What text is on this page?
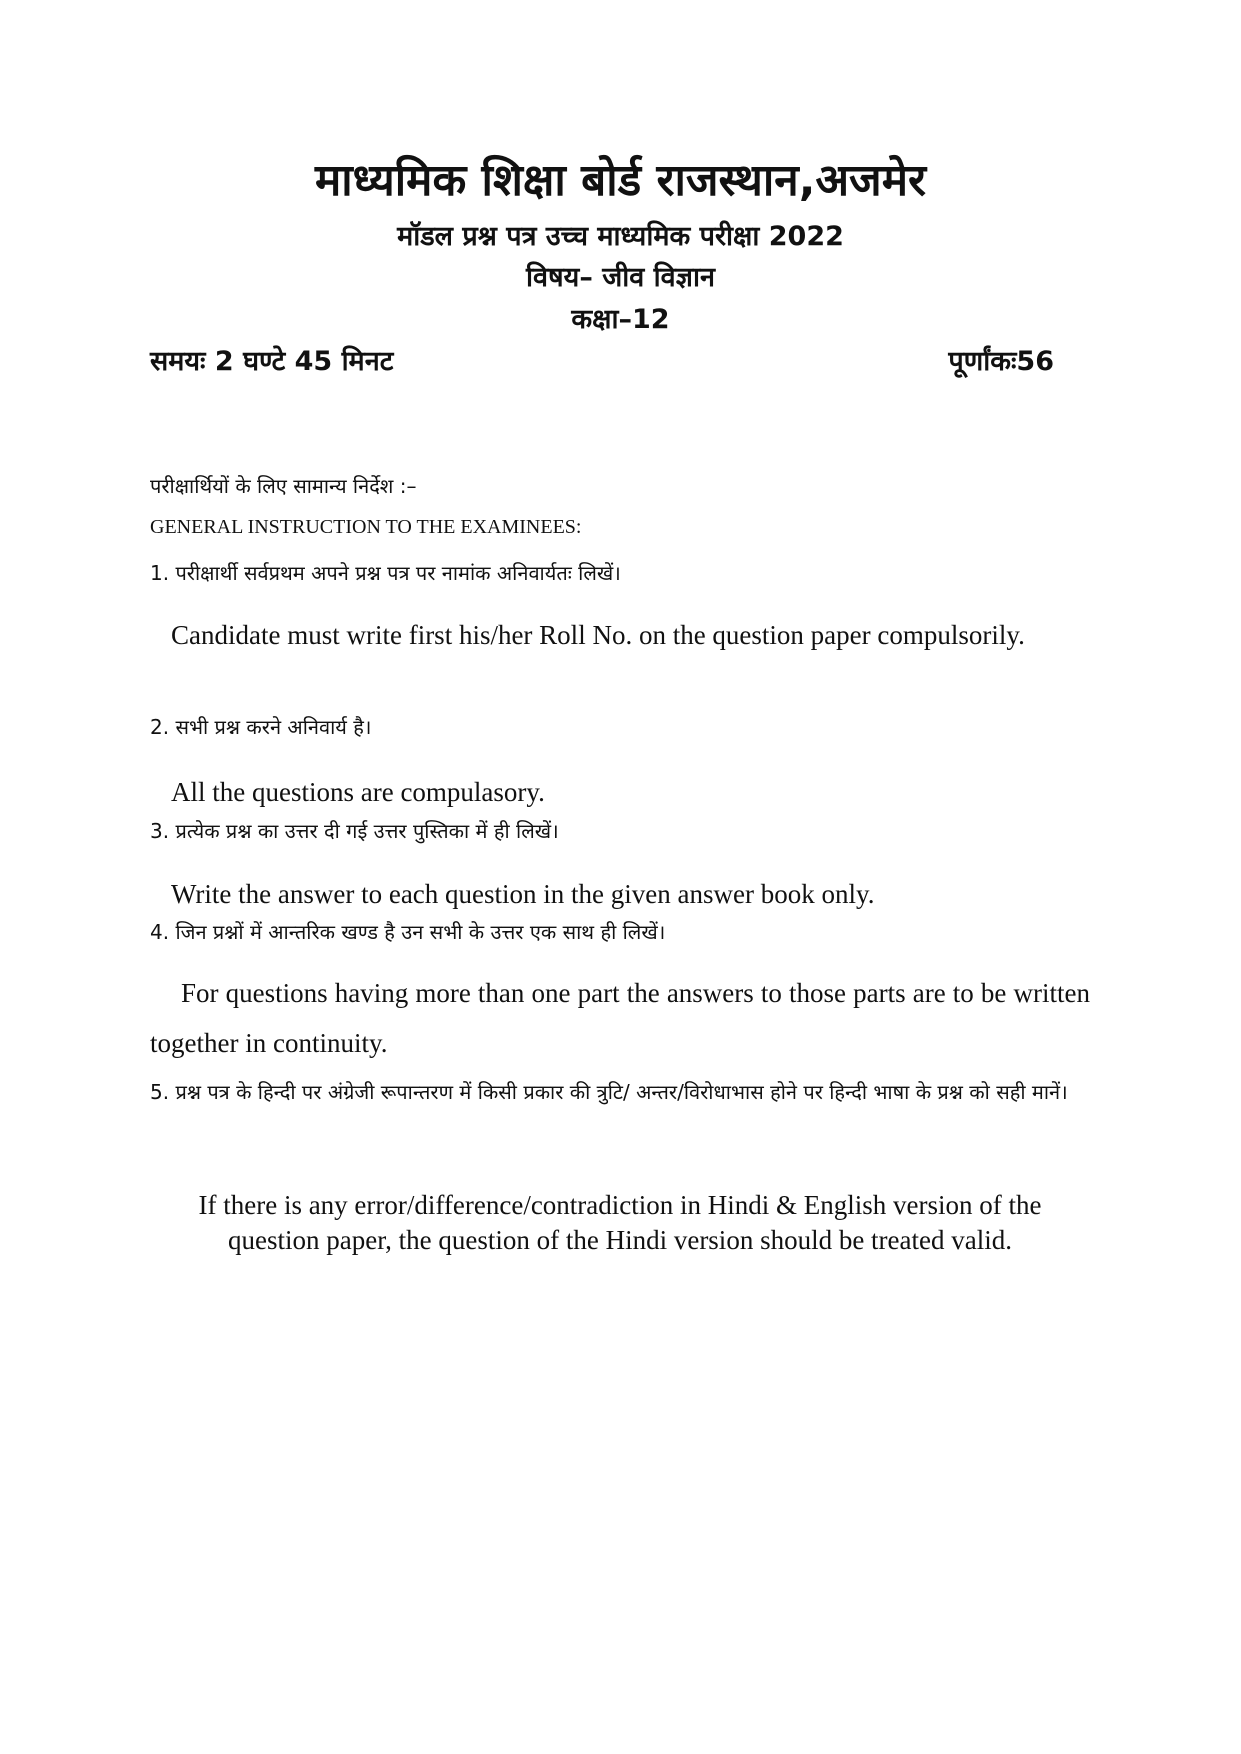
माध्यमिक शिक्षा बोर्ड राजस्थान,अजमेर
मॉडल प्रश्न पत्र उच्च माध्यमिक परीक्षा 2022
विषय– जीव विज्ञान
कक्षा–12
समयः 2 घण्टे 45 मिनट	पूर्णांकः56
परीक्षार्थियों के लिए सामान्य निर्देश :–
GENERAL INSTRUCTION TO THE EXAMINEES:
1. परीक्षार्थी सर्वप्रथम अपने प्रश्न पत्र पर नामांक अनिवार्यतः लिखें।
Candidate must write first his/her Roll No. on the question paper compulsorily.
2. सभी प्रश्न करने अनिवार्य है।
All the questions are compulasory.
3. प्रत्येक प्रश्न का उत्तर दी गई उत्तर पुस्तिका में ही लिखें।
Write the answer to each question in the given answer book only.
4. जिन प्रश्नों में आन्तरिक खण्ड है उन सभी के उत्तर एक साथ ही लिखें।
For questions having more than one part the answers to those parts are to be written together in continuity.
5. प्रश्न पत्र के हिन्दी पर अंग्रेजी रूपान्तरण में किसी प्रकार की त्रुटि/ अन्तर/विरोधाभास होने पर हिन्दी भाषा के प्रश्न को सही मानें।
If there is any error/difference/contradiction in Hindi & English version of the question paper, the question of the Hindi version should be treated valid.
